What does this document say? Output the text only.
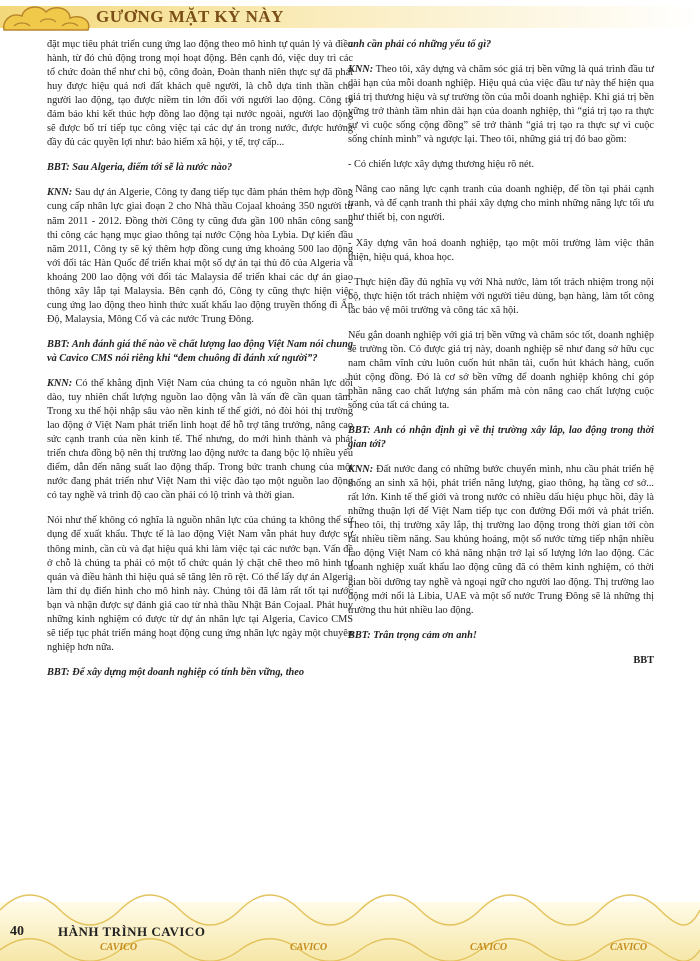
GƯƠNG MẶT KỲ NÀY

đặt mục tiêu phát triển cung ứng lao động theo mô hình tự quản lý và điều hành, từ đó chủ động trong mọi hoạt động. Bên cạnh đó, việc duy trì các tổ chức đoàn thể như chi bộ, công đoàn, Đoàn thanh niên thực sự đã phát huy được hiệu quả nơi đất khách quê người, là chỗ dựa tinh thần cho người lao động, tạo được niềm tin lớn đối với người lao động. Công ty đảm bảo khi kết thúc hợp đồng lao động tại nước ngoài, người lao động sẽ được bố trí tiếp tục công việc tại các dự án trong nước, được hưởng đầy đủ các quyền lợi như: bảo hiểm xã hội, y tế, trợ cấp...

BBT: Sau Algeria, điểm tới sẽ là nước nào?

KNN: Sau dự án Algerie, Công ty đang tiếp tục đàm phán thêm hợp đồng cung cấp nhân lực giai đoạn 2 cho Nhà thầu Cojaal khoảng 350 người từ năm 2011 - 2012. Đồng thời Công ty cũng đưa gần 100 nhân công sang thi công các hạng mục giao thông tại nước Cộng hòa Lybia. Dự kiến đầu năm 2011, Công ty sẽ ký thêm hợp đồng cung ứng khoảng 500 lao động với đối tác Hàn Quốc để triển khai một số dự án tại thủ đô của Algeria và khoảng 200 lao động với đối tác Malaysia để triển khai các dự án giao thông xây lắp tại Malaysia. Bên cạnh đó, Công ty cũng thực hiện việc cung ứng lao động theo hình thức xuất khẩu lao động truyền thống đi Ấn Độ, Malaysia, Mông Cổ và các nước Trung Đông.

BBT: Anh đánh giá thế nào về chất lượng lao động Việt Nam nói chung và Cavico CMS nói riêng khi “đem chuông đi đánh xứ người”?

KNN: Có thể khẳng định Việt Nam của chúng ta có nguồn nhân lực dồi dào, tuy nhiên chất lượng nguồn lao động vẫn là vấn đề cần quan tâm. Trong xu thế hội nhập sâu vào nền kinh tế thế giới, nó đòi hỏi thị trường lao động ở Việt Nam phát triển linh hoạt để hỗ trợ tăng trưởng, nâng cao sức cạnh tranh của nền kinh tế. Thế nhưng, do mới hình thành và phát triển chưa đồng bộ nên thị trường lao động nước ta đang bộc lộ nhiều yếu điểm, dẫn đến năng suất lao động thấp. Trong bức tranh chung của một nước đang phát triển như Việt Nam thì việc đào tạo một nguồn lao động có tay nghề và trình độ cao cần phải có lộ trình và thời gian.

Nói như thế không có nghĩa là nguồn nhân lực của chúng ta không thể sử dụng để xuất khẩu. Thực tế là lao động Việt Nam vẫn phát huy được sự thông minh, cần cù và đạt hiệu quả khi làm việc tại các nước bạn. Vấn đề ở chỗ là chúng ta phải có một tổ chức quản lý chặt chẽ theo mô hình tự quản và điều hành thì hiệu quả sẽ tăng lên rõ rệt. Có thể lấy dự án Algeria làm thí dụ điển hình cho mô hình này. Chúng tôi đã làm rất tốt tại nước bạn và nhận được sự đánh giá cao từ nhà thầu Nhật Bản Cojaal. Phát huy những kinh nghiệm có được từ dự án nhân lực tại Algeria, Cavico CMS sẽ tiếp tục phát triển mảng hoạt động cung ứng nhân lực ngày một chuyên nghiệp hơn nữa.

BBT: Để xây dựng một doanh nghiệp có tính bền vững, theo

anh cần phải có những yếu tố gì?

KNN: Theo tôi, xây dựng và chăm sóc giá trị bền vững là quá trình đầu tư dài hạn của mỗi doanh nghiệp. Hiệu quả của việc đầu tư này thể hiện qua giá trị thương hiệu và sự trường tồn của mỗi doanh nghiệp. Khi giá trị bền vững trở thành tầm nhìn dài hạn của doanh nghiệp, thì “giá trị tạo ra thực sự vì cuộc sống cộng đồng” sẽ trở thành “giá trị tạo ra thực sự vì cuộc sống chính mình” và ngược lại. Theo tôi, những giá trị đó bao gồm:

- Có chiến lược xây dựng thương hiệu rõ nét.

- Nâng cao năng lực cạnh tranh của doanh nghiệp, để tồn tại phải cạnh tranh, và để cạnh tranh thì phải xây dựng cho mình những năng lực tối ưu như thiết bị, con người.

- Xây dựng văn hoá doanh nghiệp, tạo một môi trường làm việc thân thiện, hiệu quả, khoa học.

- Thực hiện đầy đủ nghĩa vụ với Nhà nước, làm tốt trách nhiệm trong nội bộ, thực hiện tốt trách nhiệm với người tiêu dùng, bạn hàng, làm tốt công tác bảo vệ môi trường và công tác xã hội.

Nếu gắn doanh nghiệp với giá trị bền vững và chăm sóc tốt, doanh nghiệp sẽ trường tồn. Có được giá trị này, doanh nghiệp sẽ như đang sở hữu cục nam châm vĩnh cửu luôn cuốn hút nhân tài, cuốn hút khách hàng, cuốn hút cộng đồng. Đó là cơ sở bền vững để doanh nghiệp không chỉ góp phần nâng cao chất lượng sản phẩm mà còn nâng cao chất lượng cuộc sống của tất cả chúng ta.

BBT: Anh có nhận định gì về thị trường xây lắp, lao động trong thời gian tới?

KNN: Đất nước đang có những bước chuyển mình, nhu cầu phát triển hệ thống an sinh xã hội, phát triển năng lượng, giao thông, hạ tầng cơ sở... rất lớn. Kinh tế thế giới và trong nước có nhiều dấu hiệu phục hồi, đây là những thuận lợi để Việt Nam tiếp tục con đường Đổi mới và phát triển. Theo tôi, thị trường xây lắp, thị trường lao động trong thời gian tới còn rất nhiều tiềm năng. Sau khủng hoảng, một số nước từng tiếp nhận nhiều lao động Việt Nam có khả năng nhận trở lại số lượng lớn lao động. Các doanh nghiệp xuất khẩu lao động cũng đã có thêm kinh nghiệm, có thời gian bồi dưỡng tay nghề và ngoại ngữ cho người lao động. Thị trường lao động mới nổi là Libia, UAE và một số nước Trung Đông sẽ là những thị trường thu hút nhiều lao động.

BBT: Trân trọng cảm ơn anh!

BBT

40	HÀNH TRÌNH CAVICO
CAVICO	CAVICO	CAVICO	CAVICO
